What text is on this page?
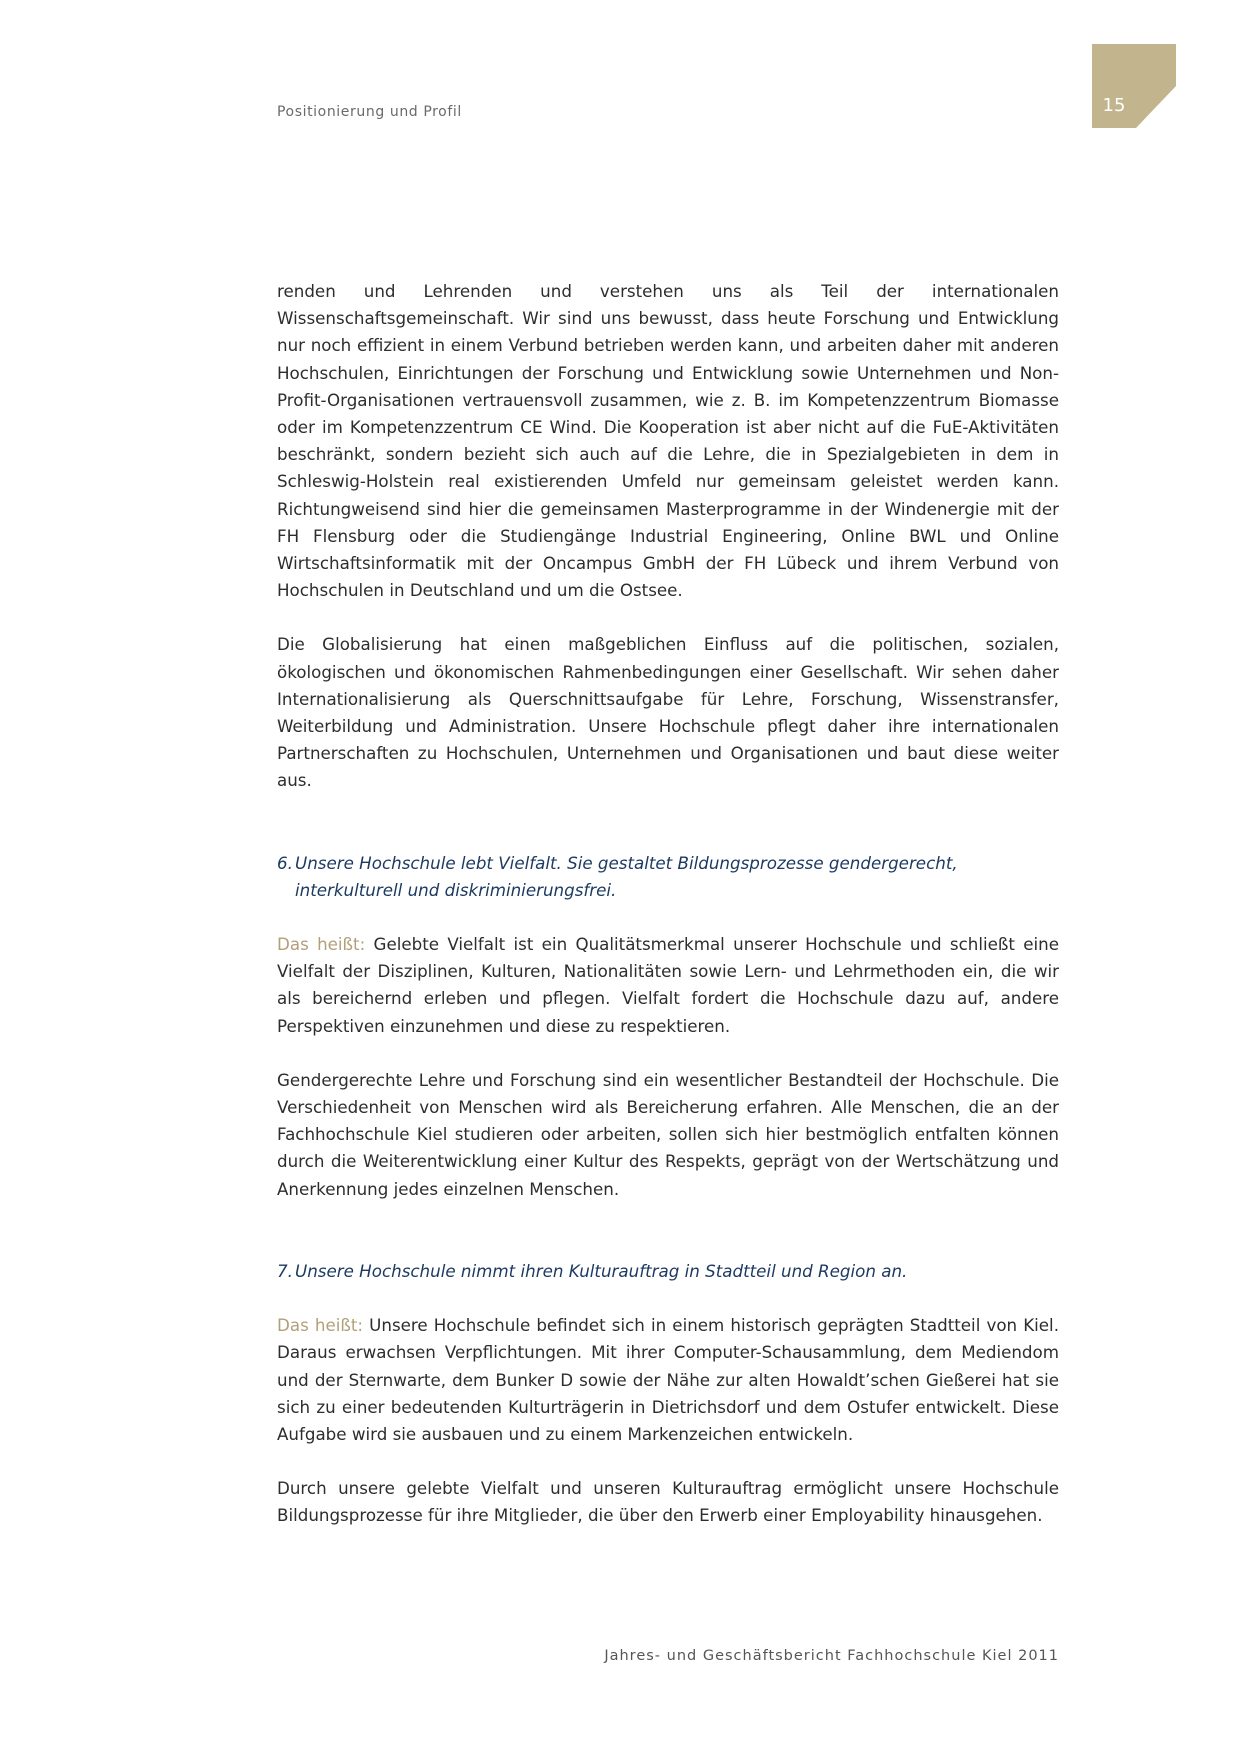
Positionierung und Profil	15

renden und Lehrenden und verstehen uns als Teil der internationalen Wissenschaftsgemeinschaft. Wir sind uns bewusst, dass heute Forschung und Entwicklung nur noch effizient in einem Verbund betrieben werden kann, und arbeiten daher mit anderen Hochschulen, Einrichtungen der Forschung und Entwicklung sowie Unternehmen und Non-Profit-Organisationen vertrauensvoll zusammen, wie z. B. im Kompetenzzentrum Biomasse oder im Kompetenzzentrum CE Wind. Die Kooperation ist aber nicht auf die FuE-Aktivitäten beschränkt, sondern bezieht sich auch auf die Lehre, die in Spezialgebieten in dem in Schleswig-Holstein real existierenden Umfeld nur gemeinsam geleistet werden kann. Richtungweisend sind hier die gemeinsamen Masterprogramme in der Windenergie mit der FH Flensburg oder die Studiengänge Industrial Engineering, Online BWL und Online Wirtschaftsinformatik mit der Oncampus GmbH der FH Lübeck und ihrem Verbund von Hochschulen in Deutschland und um die Ostsee.

Die Globalisierung hat einen maßgeblichen Einfluss auf die politischen, sozialen, ökologischen und ökonomischen Rahmenbedingungen einer Gesellschaft. Wir sehen daher Internationalisierung als Querschnittsaufgabe für Lehre, Forschung, Wissenstransfer, Weiterbildung und Administration. Unsere Hochschule pflegt daher ihre internationalen Partnerschaften zu Hochschulen, Unternehmen und Organisationen und baut diese weiter aus.

6. Unsere Hochschule lebt Vielfalt. Sie gestaltet Bildungsprozesse gendergerecht, interkulturell und diskriminierungsfrei.

Das heißt: Gelebte Vielfalt ist ein Qualitätsmerkmal unserer Hochschule und schließt eine Vielfalt der Disziplinen, Kulturen, Nationalitäten sowie Lern- und Lehrmethoden ein, die wir als bereichernd erleben und pflegen. Vielfalt fordert die Hochschule dazu auf, andere Perspektiven einzunehmen und diese zu respektieren.

Gendergerechte Lehre und Forschung sind ein wesentlicher Bestandteil der Hochschule. Die Verschiedenheit von Menschen wird als Bereicherung erfahren. Alle Menschen, die an der Fachhochschule Kiel studieren oder arbeiten, sollen sich hier bestmöglich entfalten können durch die Weiterentwicklung einer Kultur des Respekts, geprägt von der Wertschätzung und Anerkennung jedes einzelnen Menschen.

7. Unsere Hochschule nimmt ihren Kulturauftrag in Stadtteil und Region an.

Das heißt: Unsere Hochschule befindet sich in einem historisch geprägten Stadtteil von Kiel. Daraus erwachsen Verpflichtungen. Mit ihrer Computer-Schausammlung, dem Mediendom und der Sternwarte, dem Bunker D sowie der Nähe zur alten Howaldt’schen Gießerei hat sie sich zu einer bedeutenden Kulturträgerin in Dietrichsdorf und dem Ostufer entwickelt. Diese Aufgabe wird sie ausbauen und zu einem Markenzeichen entwickeln.

Durch unsere gelebte Vielfalt und unseren Kulturauftrag ermöglicht unsere Hochschule Bildungsprozesse für ihre Mitglieder, die über den Erwerb einer Employability hinausgehen.

Jahres- und Geschäftsbericht Fachhochschule Kiel 2011
